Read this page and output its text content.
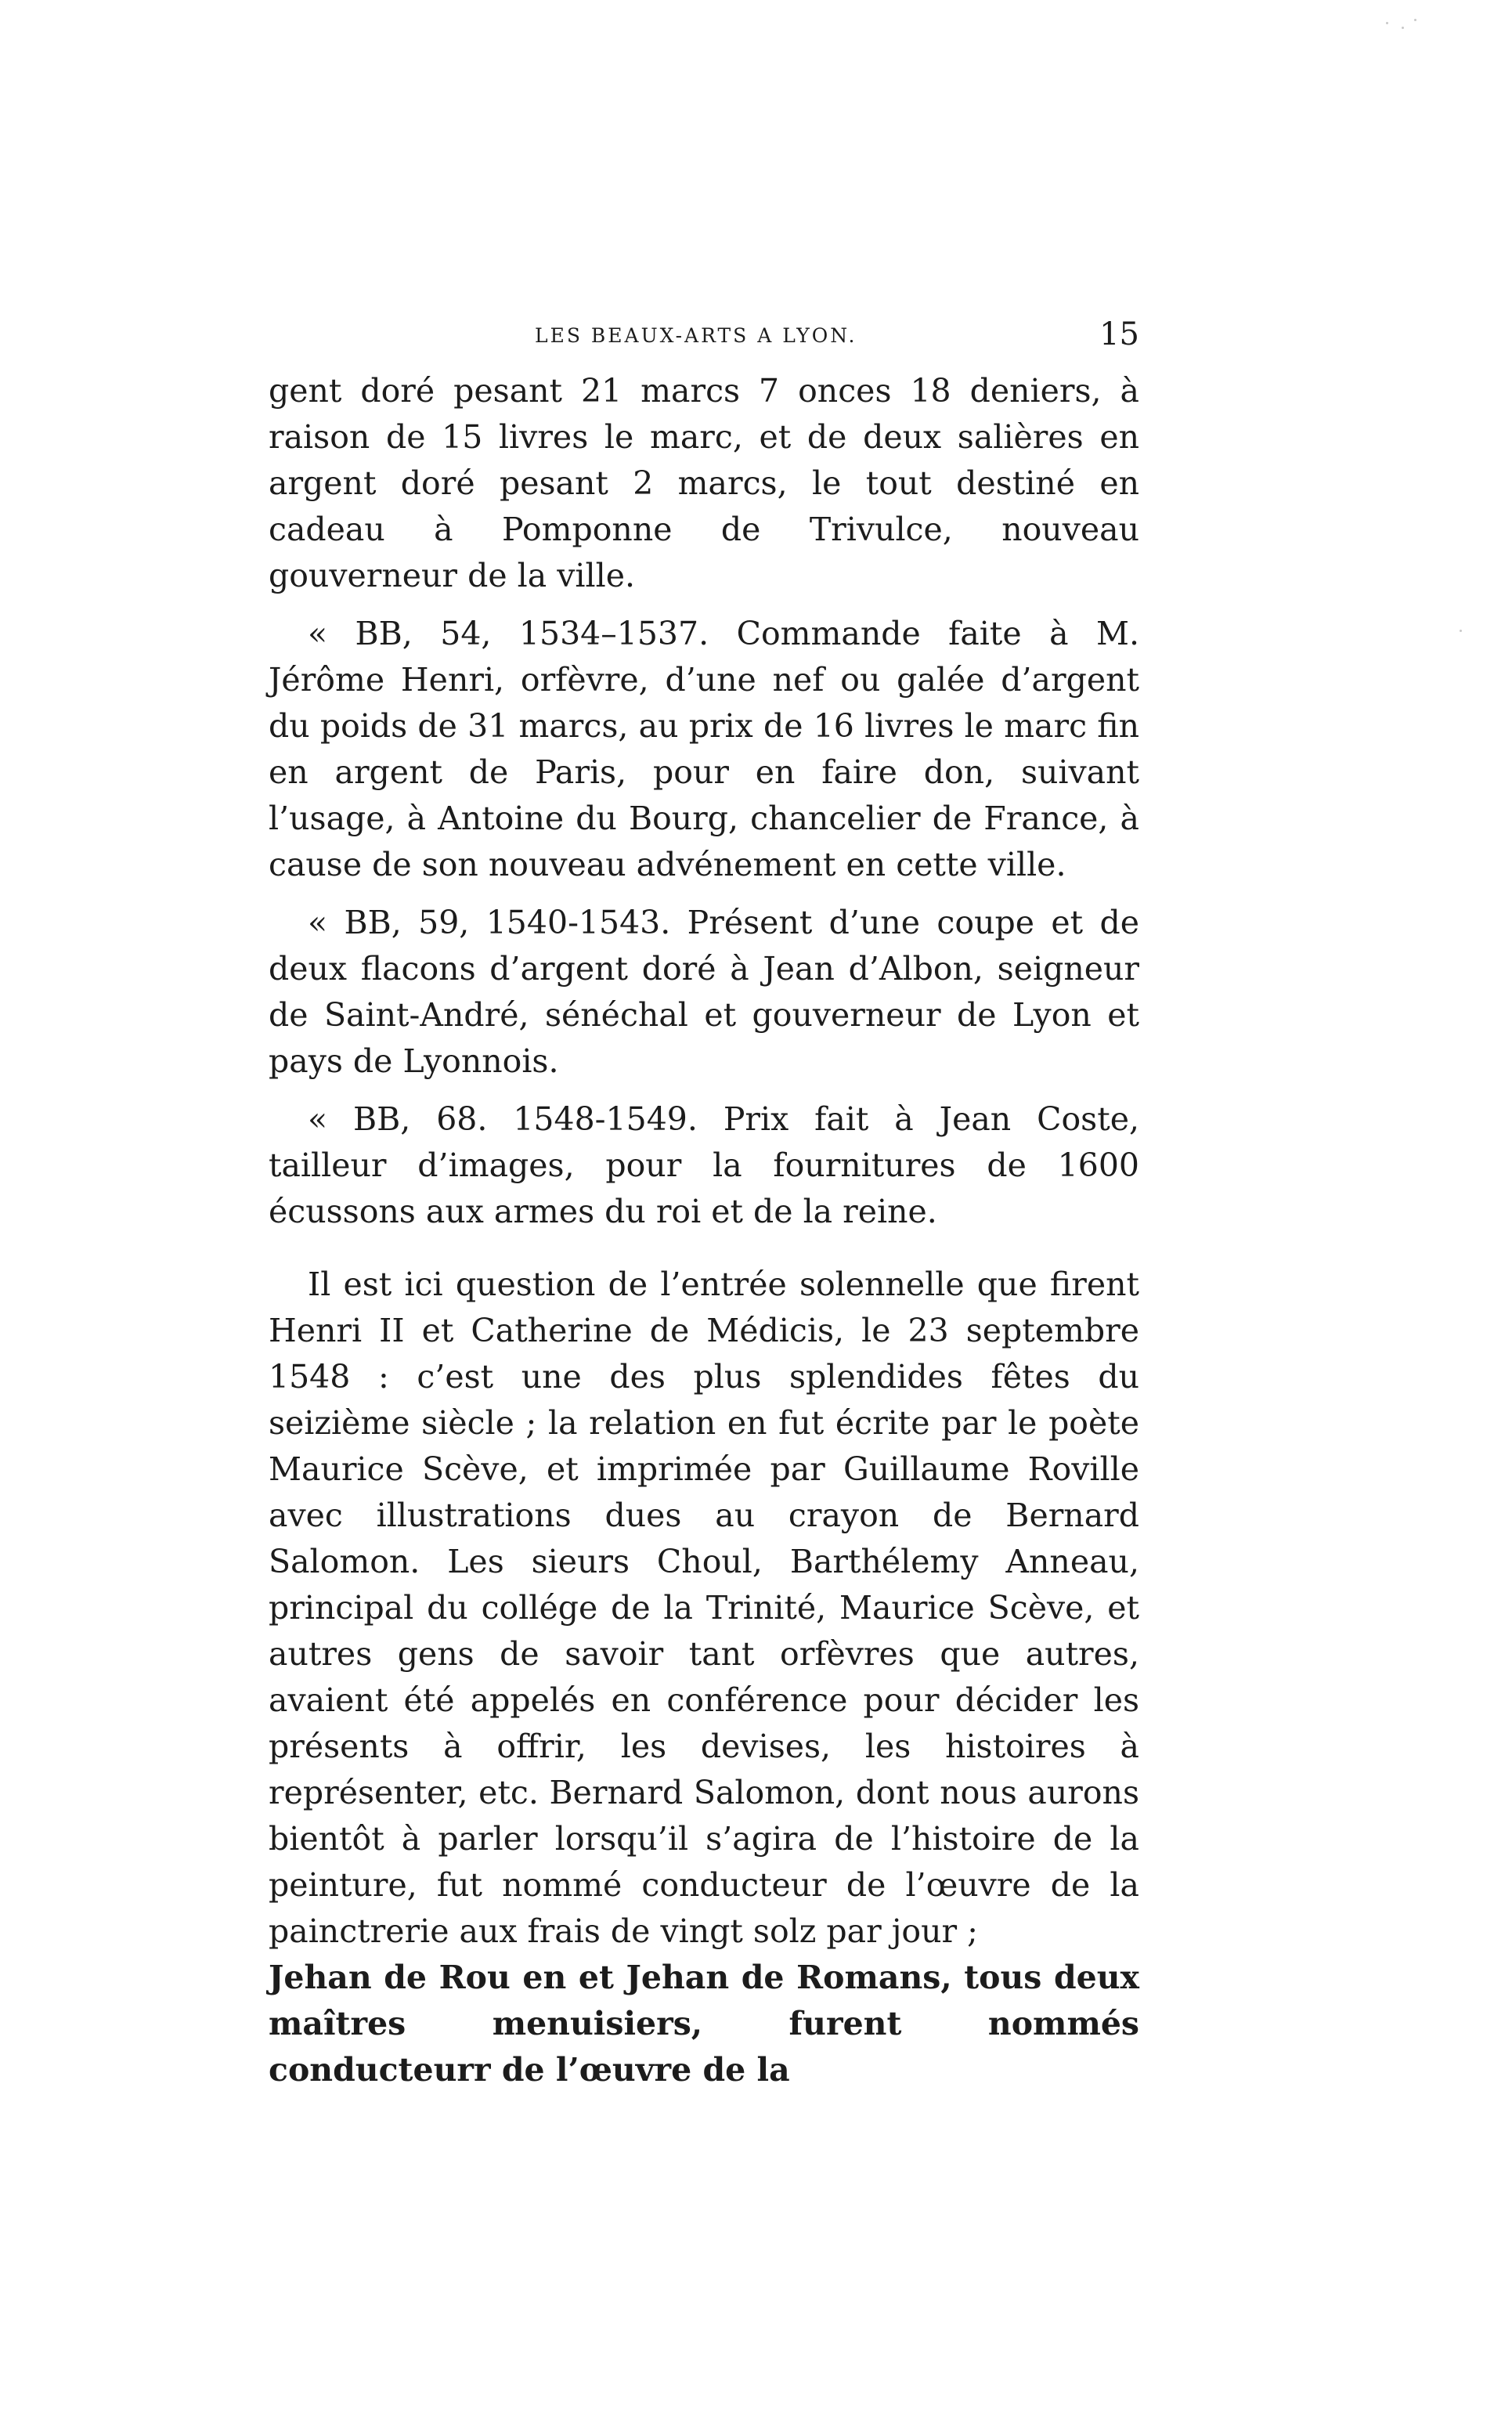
LES BEAUX-ARTS A LYON.	15

gent doré pesant 21 marcs 7 onces 18 deniers, à raison de 15 livres le marc, et de deux salières en argent doré pesant 2 marcs, le tout destiné en cadeau à Pomponne de Trivulce, nouveau gouverneur de la ville.

« BB, 54, 1534–1537. Commande faite à M. Jérôme Henri, orfèvre, d’une nef ou galée d’argent du poids de 31 marcs, au prix de 16 livres le marc fin en argent de Paris, pour en faire don, suivant l’usage, à Antoine du Bourg, chancelier de France, à cause de son nouveau advénement en cette ville.

« BB, 59, 1540-1543. Présent d’une coupe et de deux flacons d’argent doré à Jean d’Albon, seigneur de Saint-André, sénéchal et gouverneur de Lyon et pays de Lyonnois.

« BB, 68. 1548-1549. Prix fait à Jean Coste, tailleur d’images, pour la fournitures de 1600 écussons aux armes du roi et de la reine.

Il est ici question de l’entrée solennelle que firent Henri II et Catherine de Médicis, le 23 septembre 1548 : c’est une des plus splendides fêtes du seizième siècle ; la relation en fut écrite par le poète Maurice Scève, et imprimée par Guillaume Roville avec illustrations dues au crayon de Bernard Salomon. Les sieurs Choul, Barthélemy Anneau, principal du collége de la Trinité, Maurice Scève, et autres gens de savoir tant orfèvres que autres, avaient été appelés en conférence pour décider les présents à offrir, les devises, les histoires à représenter, etc. Bernard Salomon, dont nous aurons bientôt à parler lorsqu’il s’agira de l’histoire de la peinture, fut nommé conducteur de l’œuvre de la painctrerie aux frais de vingt solz par jour ;

Jehan de Rou en et Jehan de Romans, tous deux maîtres menuisiers, furent nommés conducteurr de l’œuvre de la
